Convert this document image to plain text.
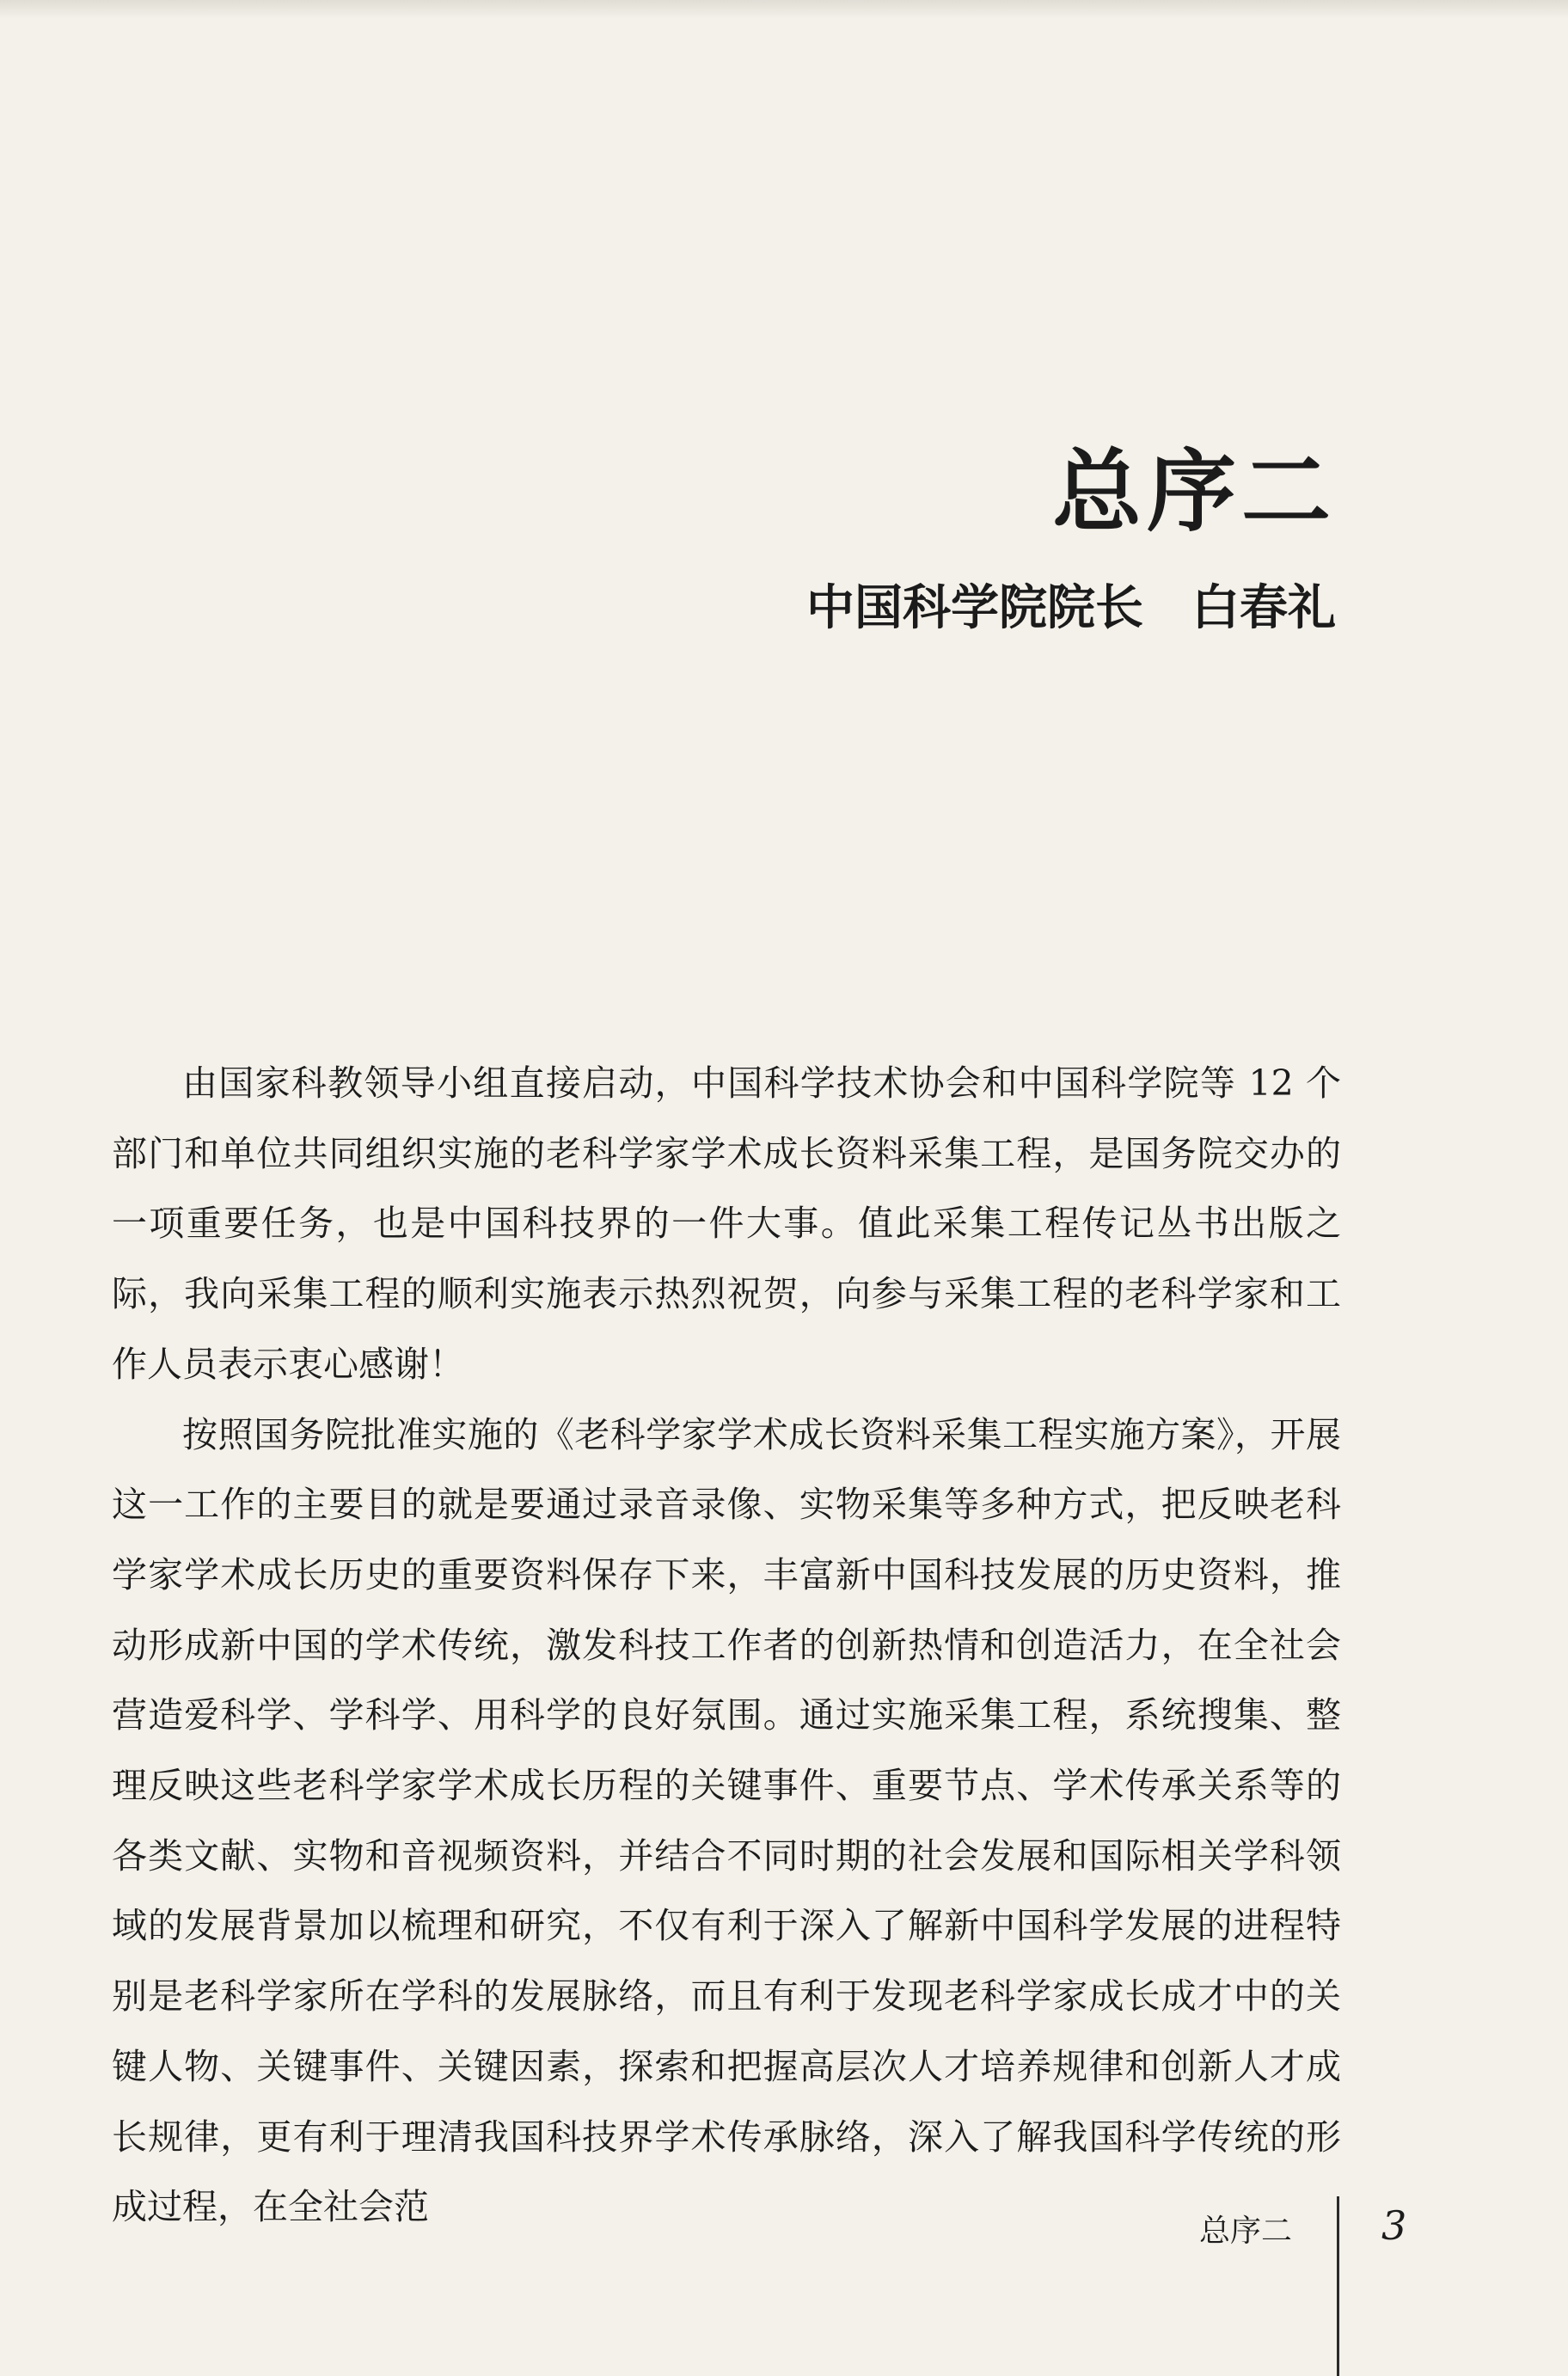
总序二
中国科学院院长 白春礼

由国家科教领导小组直接启动，中国科学技术协会和中国科学院等 12 个部门和单位共同组织实施的老科学家学术成长资料采集工程，是国务院交办的一项重要任务，也是中国科技界的一件大事。值此采集工程传记丛书出版之际，我向采集工程的顺利实施表示热烈祝贺，向参与采集工程的老科学家和工作人员表示衷心感谢！

按照国务院批准实施的《老科学家学术成长资料采集工程实施方案》，开展这一工作的主要目的就是要通过录音录像、实物采集等多种方式，把反映老科学家学术成长历史的重要资料保存下来，丰富新中国科技发展的历史资料，推动形成新中国的学术传统，激发科技工作者的创新热情和创造活力，在全社会营造爱科学、学科学、用科学的良好氛围。通过实施采集工程，系统搜集、整理反映这些老科学家学术成长历程的关键事件、重要节点、学术传承关系等的各类文献、实物和音视频资料，并结合不同时期的社会发展和国际相关学科领域的发展背景加以梳理和研究，不仅有利于深入了解新中国科学发展的进程特别是老科学家所在学科的发展脉络，而且有利于发现老科学家成长成才中的关键人物、关键事件、关键因素，探索和把握高层次人才培养规律和创新人才成长规律，更有利于理清我国科技界学术传承脉络，深入了解我国科学传统的形成过程，在全社会范

总序二 3
